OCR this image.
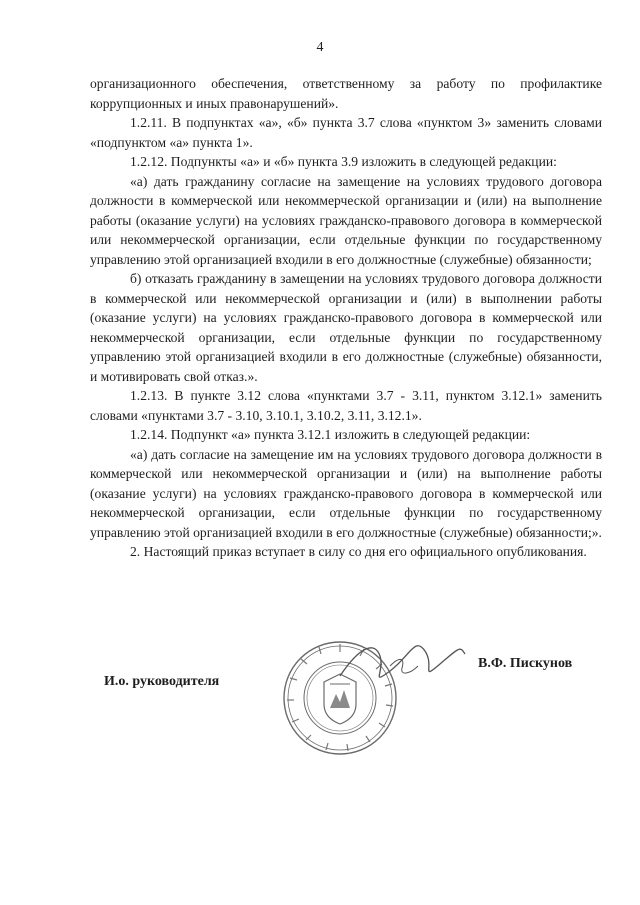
4

организационного обеспечения, ответственному за работу по профилактике коррупционных и иных правонарушений».

1.2.11. В подпунктах «а», «б» пункта 3.7 слова «пунктом 3» заменить словами «подпунктом «а» пункта 1».

1.2.12. Подпункты «а» и «б» пункта 3.9 изложить в следующей редакции:

«а) дать гражданину согласие на замещение на условиях трудового договора должности в коммерческой или некоммерческой организации и (или) на выполнение работы (оказание услуги) на условиях гражданско-правового договора в коммерческой или некоммерческой организации, если отдельные функции по государственному управлению этой организацией входили в его должностные (служебные) обязанности;

б) отказать гражданину в замещении на условиях трудового договора должности в коммерческой или некоммерческой организации и (или) в выполнении работы (оказание услуги) на условиях гражданско-правового договора в коммерческой или некоммерческой организации, если отдельные функции по государственному управлению этой организацией входили в его должностные (служебные) обязанности, и мотивировать свой отказ.».

1.2.13. В пункте 3.12 слова «пунктами 3.7 - 3.11, пунктом 3.12.1» заменить словами «пунктами 3.7 - 3.10, 3.10.1, 3.10.2, 3.11, 3.12.1».

1.2.14. Подпункт «а» пункта 3.12.1 изложить в следующей редакции:

«а) дать согласие на замещение им на условиях трудового договора должности в коммерческой или некоммерческой организации и (или) на выполнение работы (оказание услуги) на условиях гражданско-правового договора в коммерческой или некоммерческой организации, если отдельные функции по государственному управлению этой организацией входили в его должностные (служебные) обязанности;».

2. Настоящий приказ вступает в силу со дня его официального опубликования.

И.о. руководителя
В.Ф. Пискунов
